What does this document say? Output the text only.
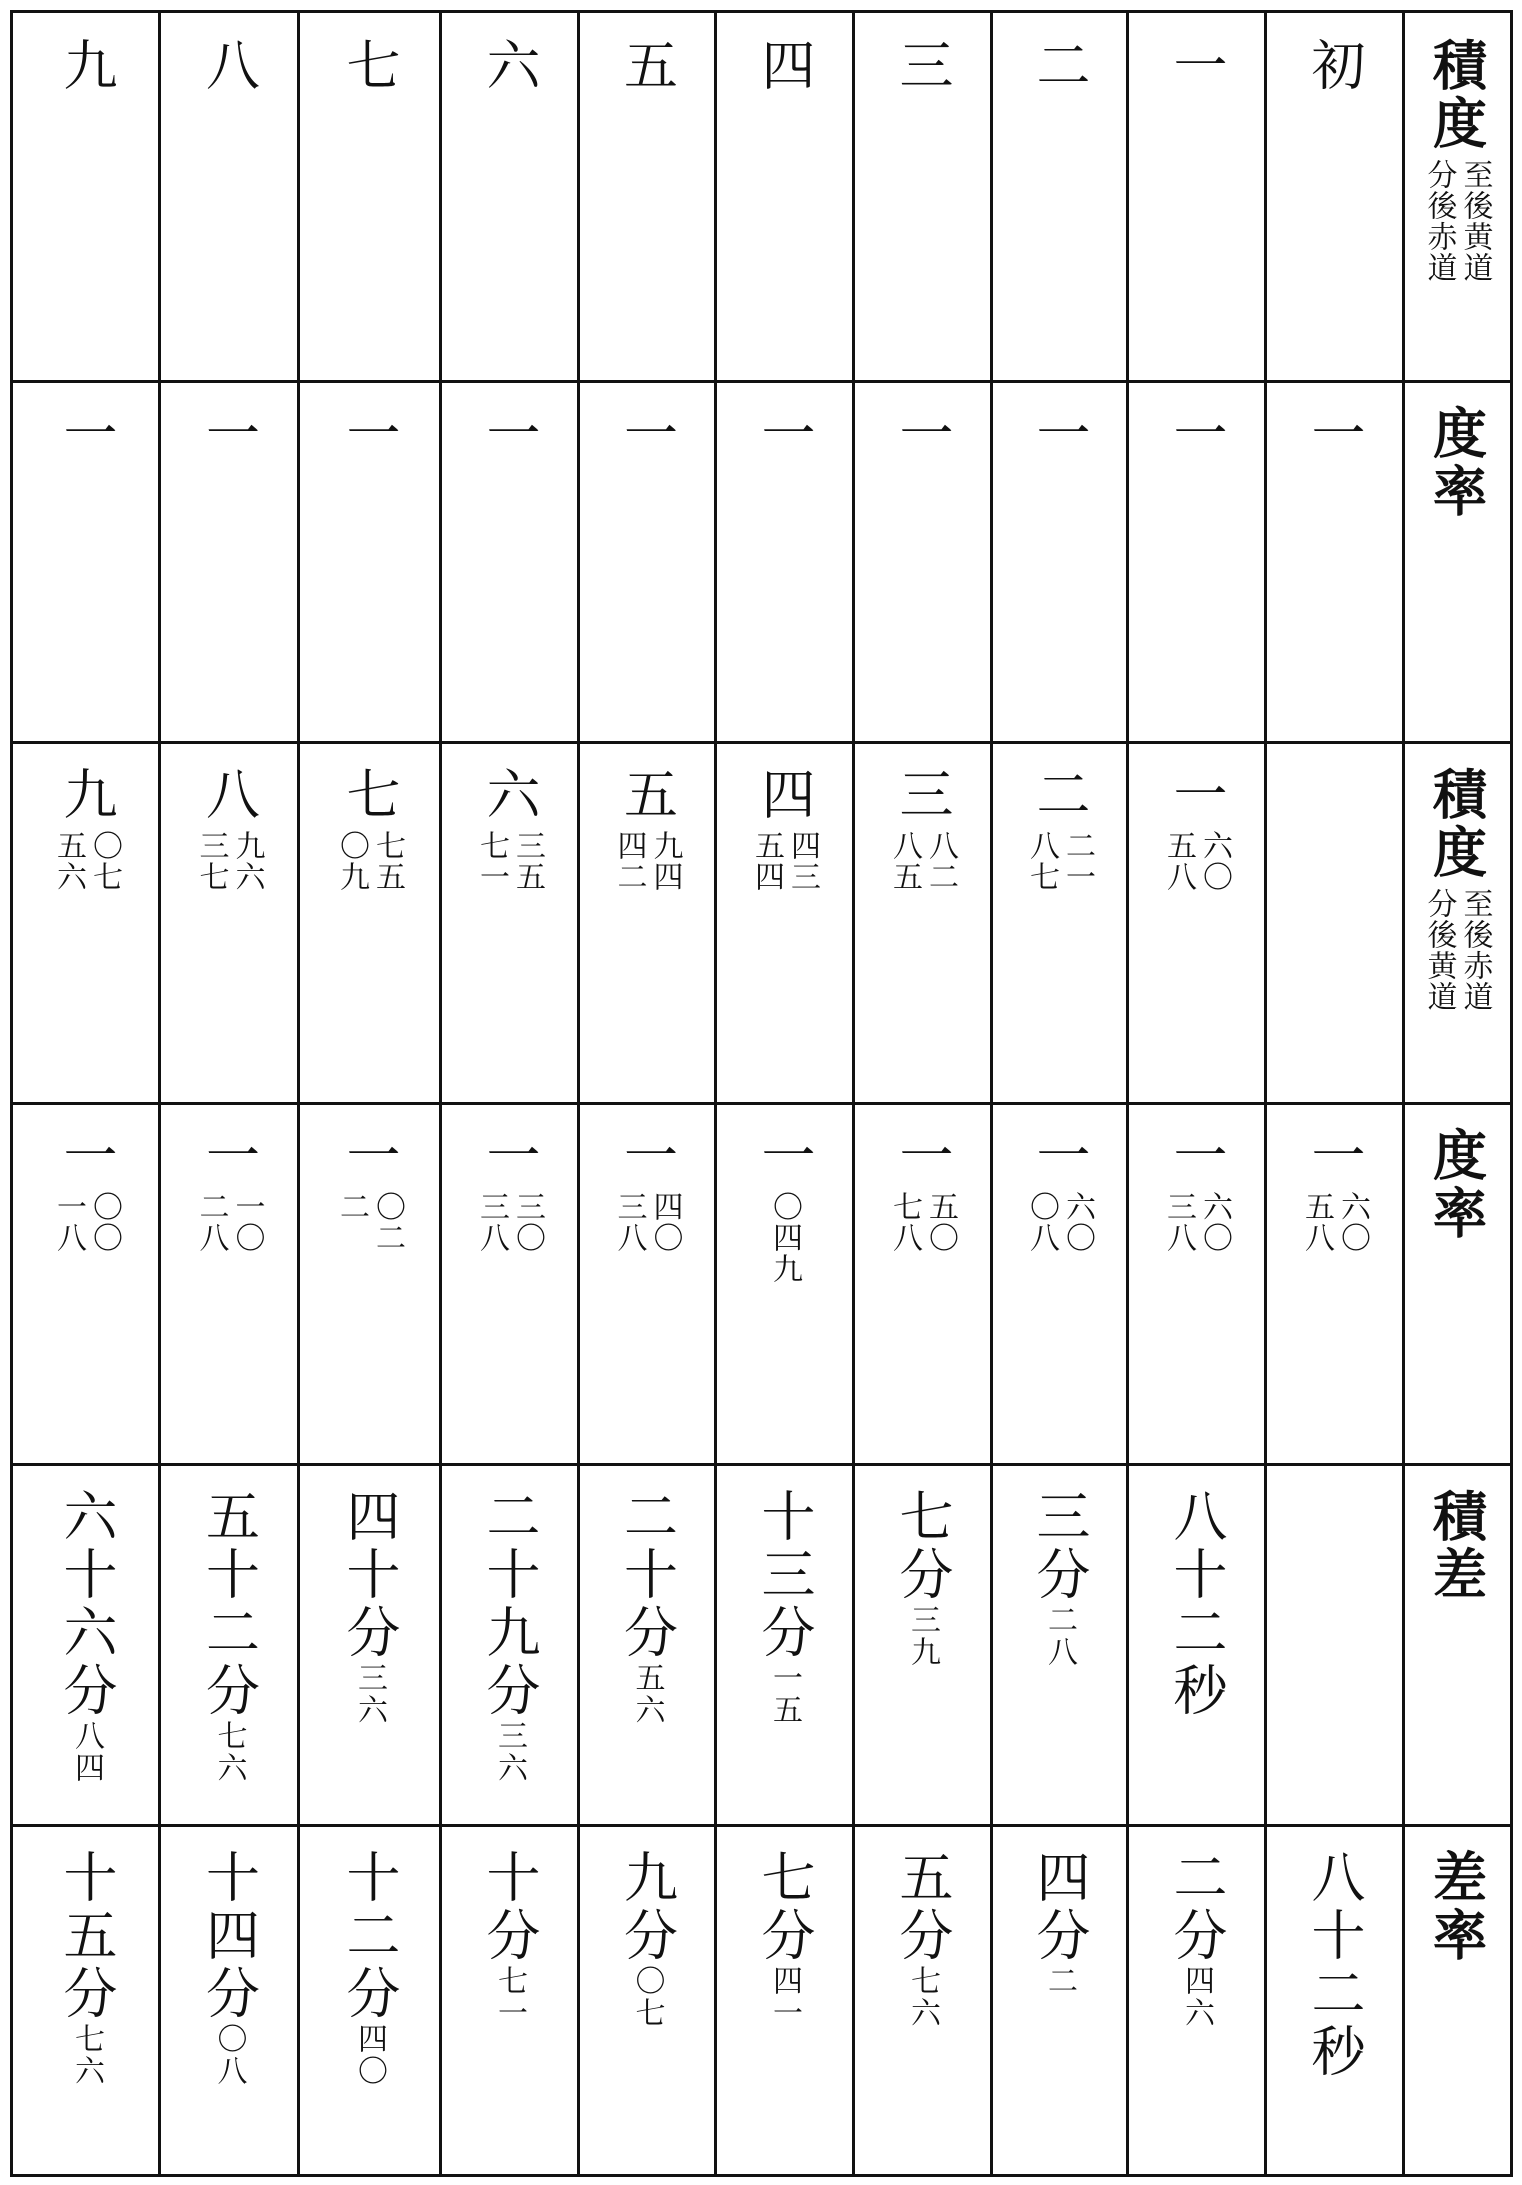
積度
至後黄道
分後赤道
九 八 七 六 五 四 三 二 一 初
度率
一 一 一 一 一 一 一 一 一 一
積度
至後赤道
分後黄道
九
〇七
五六
八
九六
三七
七
七五
〇九
六
三五
七一
五
九四
四二
四
四三
五四
三
八二
八五
二
二一
八七
一
六〇
五八
度率
一
〇〇
一八
一
一〇
二八
一
〇二
二
一
三〇
三八
一
四〇
三八
一
〇四九
一
五〇
七八
一
六〇
〇八
一
六〇
三八
一
六〇
五八
積差
六十六分
八四
五十二分
七六
四十分
三六 二十九分
三六
二十分
五六
十三分
一五
七分
三九
三分
二八 八十二秒
差率
十五分
七六
十四分
〇八
十二分
四〇
十分
七一
九分
〇七
七分
四一
五分
七六
四分
二
二分
四六 八十二秒
